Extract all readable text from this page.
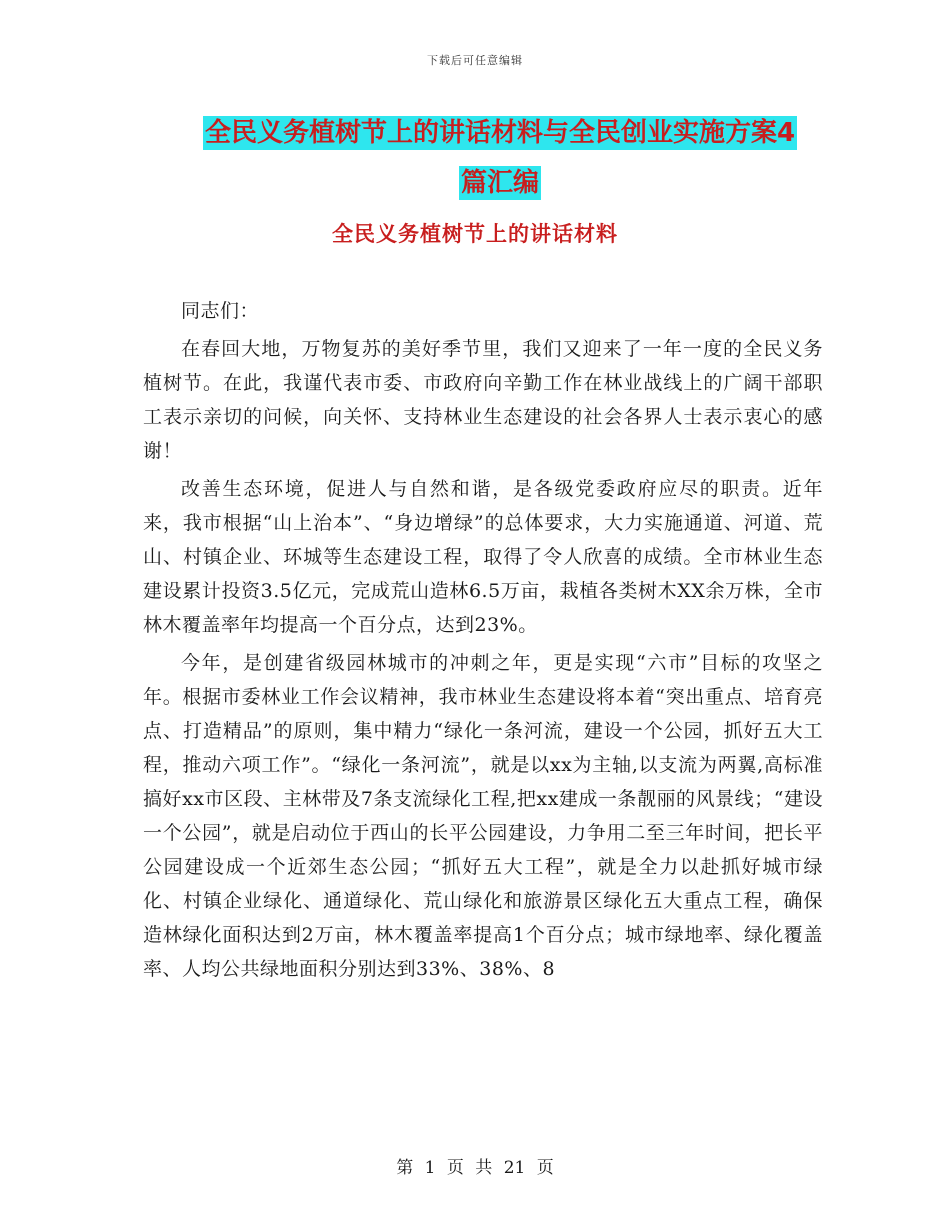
下载后可任意编辑
全民义务植树节上的讲话材料与全民创业实施方案4
篇汇编
全民义务植树节上的讲话材料

同志们：

在春回大地，万物复苏的美好季节里，我们又迎来了一年一度的全民义务植树节。在此，我谨代表市委、市政府向辛勤工作在林业战线上的广阔干部职工表示亲切的问候，向关怀、支持林业生态建设的社会各界人士表示衷心的感谢！

改善生态环境，促进人与自然和谐，是各级党委政府应尽的职责。近年来，我市根据“山上治本”、“身边增绿”的总体要求，大力实施通道、河道、荒山、村镇企业、环城等生态建设工程，取得了令人欣喜的成绩。全市林业生态建设累计投资3.5亿元，完成荒山造林6.5万亩，栽植各类树木XX余万株，全市林木覆盖率年均提高一个百分点，达到23%。

今年，是创建省级园林城市的冲刺之年，更是实现“六市”目标的攻坚之年。根据市委林业工作会议精神，我市林业生态建设将本着“突出重点、培育亮点、打造精品”的原则，集中精力“绿化一条河流，建设一个公园，抓好五大工程，推动六项工作”。“绿化一条河流”，就是以xx为主轴,以支流为两翼,高标准搞好xx市区段、主林带及7条支流绿化工程,把xx建成一条靓丽的风景线；“建设一个公园”，就是启动位于西山的长平公园建设，力争用二至三年时间，把长平公园建设成一个近郊生态公园；“抓好五大工程”，就是全力以赴抓好城市绿化、村镇企业绿化、通道绿化、荒山绿化和旅游景区绿化五大重点工程，确保造林绿化面积达到2万亩，林木覆盖率提高1个百分点；城市绿地率、绿化覆盖率、人均公共绿地面积分别达到33%、38%、8

第 1 页 共 21 页
